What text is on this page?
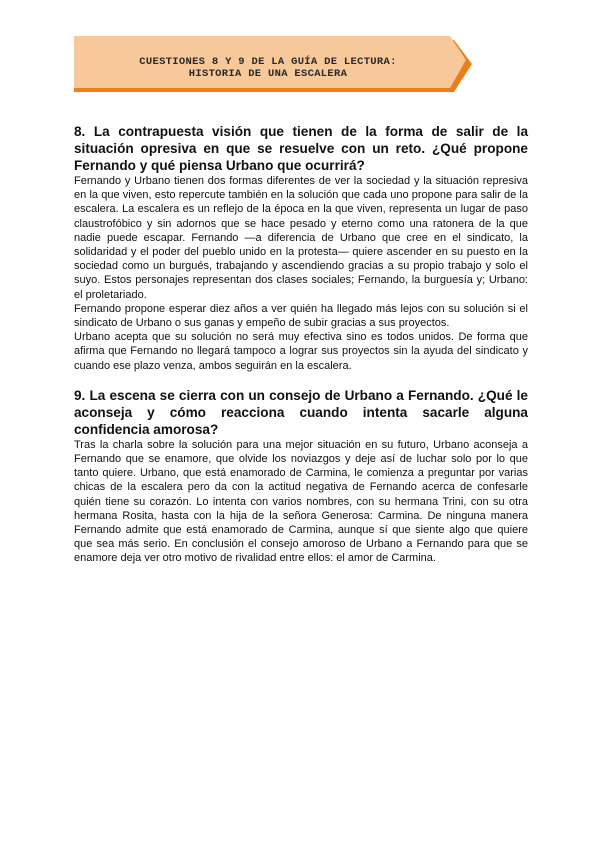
CUESTIONES 8 Y 9 DE LA GUÍA DE LECTURA:
HISTORIA DE UNA ESCALERA
8. La contrapuesta visión que tienen de la forma de salir de la situación opresiva en que se resuelve con un reto. ¿Qué propone Fernando y qué piensa Urbano que ocurrirá?

Fernando y Urbano tienen dos formas diferentes de ver la sociedad y la situación represiva en la que viven, esto repercute también en la solución que cada uno propone para salir de la escalera. La escalera es un reflejo de la época en la que viven, representa un lugar de paso claustrofóbico y sin adornos que se hace pesado y eterno como una ratonera de la que nadie puede escapar. Fernando —a diferencia de Urbano que cree en el sindicato, la solidaridad y el poder del pueblo unido en la protesta— quiere ascender en su puesto en la sociedad como un burgués, trabajando y ascendiendo gracias a su propio trabajo y solo el suyo. Estos personajes representan dos clases sociales; Fernando, la burguesía y; Urbano: el proletariado.

Fernando propone esperar diez años a ver quién ha llegado más lejos con su solución si el sindicato de Urbano o sus ganas y empeño de subir gracias a sus proyectos.

Urbano acepta que su solución no será muy efectiva sino es todos unidos. De forma que afirma que Fernando no llegará tampoco a lograr sus proyectos sin la ayuda del sindicato y cuando ese plazo venza, ambos seguirán en la escalera.

9. La escena se cierra con un consejo de Urbano a Fernando. ¿Qué le aconseja y cómo reacciona cuando intenta sacarle alguna confidencia amorosa?

Tras la charla sobre la solución para una mejor situación en su futuro, Urbano aconseja a Fernando que se enamore, que olvide los noviazgos y deje así de luchar solo por lo que tanto quiere. Urbano, que está enamorado de Carmina, le comienza a preguntar por varias chicas de la escalera pero da con la actitud negativa de Fernando acerca de confesarle quién tiene su corazón. Lo intenta con varios nombres, con su hermana Trini, con su otra hermana Rosita, hasta con la hija de la señora Generosa: Carmina. De ninguna manera Fernando admite que está enamorado de Carmina, aunque sí que siente algo que quiere que sea más serio. En conclusión el consejo amoroso de Urbano a Fernando para que se enamore deja ver otro motivo de rivalidad entre ellos: el amor de Carmina.
